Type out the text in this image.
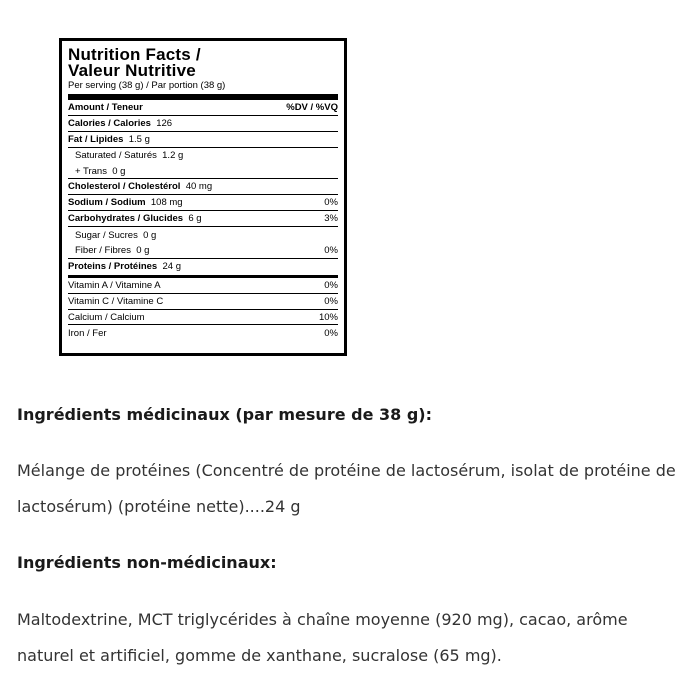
Nutrition Facts /
Valeur Nutritive
Per serving (38 g) / Par portion (38 g)
Amount / Teneur	%DV / %VQ
Calories / Calories 126
Fat / Lipides 1.5 g
Saturated / Saturés 1.2 g
+ Trans 0 g
Cholesterol / Cholestérol 40 mg
Sodium / Sodium 108 mg	0%
Carbohydrates / Glucides 6 g	3%
Sugar / Sucres 0 g
Fiber / Fibres 0 g	0%
Proteins / Protéines 24 g
Vitamin A / Vitamine A	0%
Vitamin C / Vitamine C	0%
Calcium / Calcium	10%
Iron / Fer	0%
Ingrédients médicinaux (par mesure de 38 g):
Mélange de protéines (Concentré de protéine de lactosérum, isolat de protéine de lactosérum) (protéine nette)....24 g
Ingrédients non-médicinaux:
Maltodextrine, MCT triglycérides à chaîne moyenne (920 mg), cacao, arôme naturel et artificiel, gomme de xanthane, sucralose (65 mg).
